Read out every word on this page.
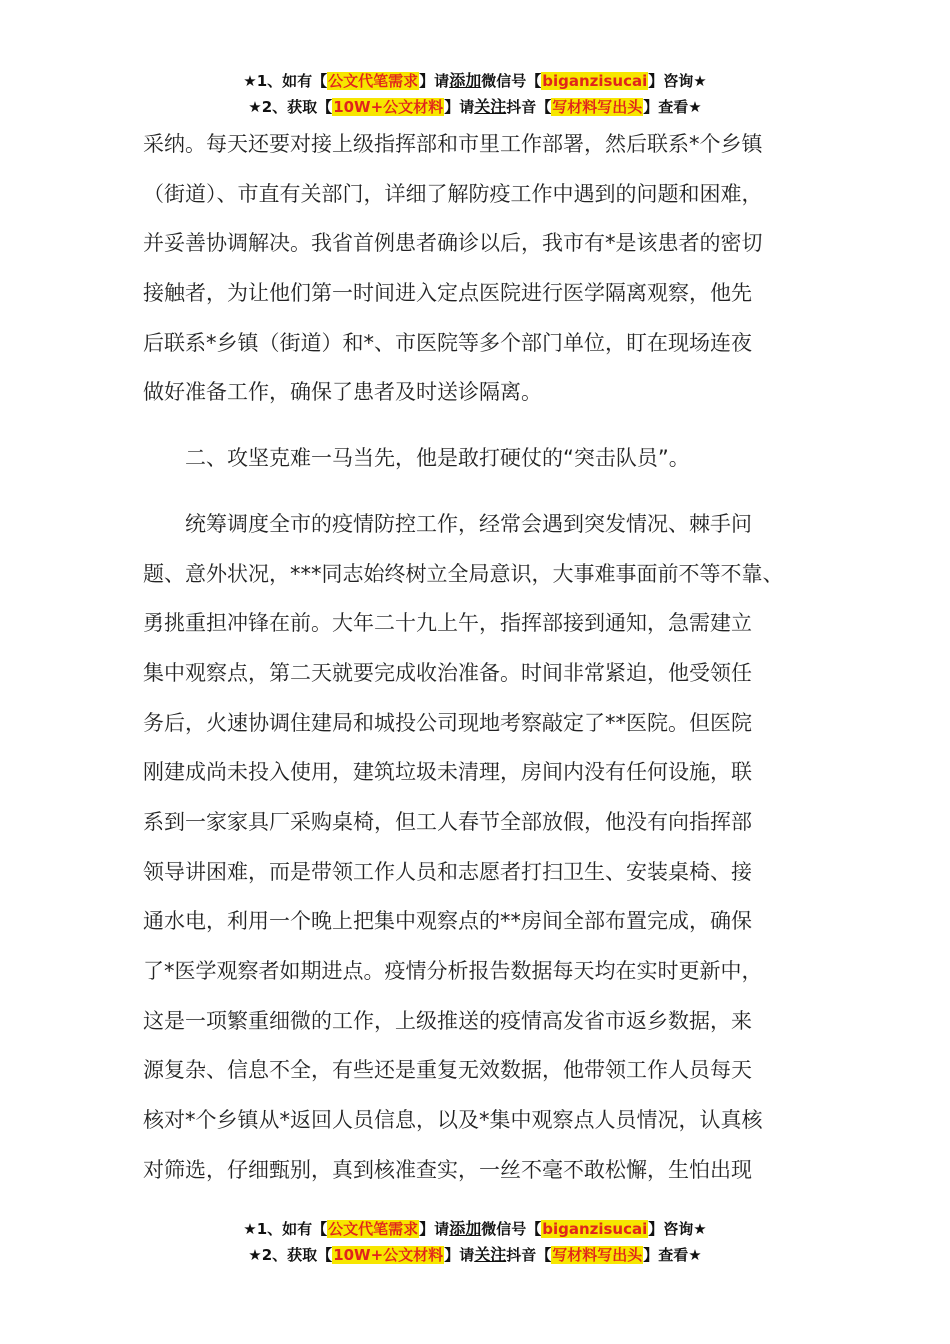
★1、如有【公文代笔需求】请添加微信号【biganzisucai】咨询★
★2、获取【10W+公文材料】请关注抖音【写材料写出头】查看★
采纳。每天还要对接上级指挥部和市里工作部署，然后联系*个乡镇
（街道）、市直有关部门，详细了解防疫工作中遇到的问题和困难，
并妥善协调解决。我省首例患者确诊以后，我市有*是该患者的密切
接触者，为让他们第一时间进入定点医院进行医学隔离观察，他先
后联系*乡镇（街道）和*、市医院等多个部门单位，盯在现场连夜
做好准备工作，确保了患者及时送诊隔离。
　　二、攻坚克难一马当先，他是敢打硬仗的“突击队员”。
　　统筹调度全市的疫情防控工作，经常会遇到突发情况、棘手问
题、意外状况，***同志始终树立全局意识，大事难事面前不等不靠、
勇挑重担冲锋在前。大年二十九上午，指挥部接到通知，急需建立
集中观察点，第二天就要完成收治准备。时间非常紧迫，他受领任
务后，火速协调住建局和城投公司现地考察敲定了**医院。但医院
刚建成尚未投入使用，建筑垃圾未清理，房间内没有任何设施，联
系到一家家具厂采购桌椅，但工人春节全部放假，他没有向指挥部
领导讲困难，而是带领工作人员和志愿者打扫卫生、安装桌椅、接
通水电，利用一个晚上把集中观察点的**房间全部布置完成，确保
了*医学观察者如期进点。疫情分析报告数据每天均在实时更新中，
这是一项繁重细微的工作，上级推送的疫情高发省市返乡数据，来
源复杂、信息不全，有些还是重复无效数据，他带领工作人员每天
核对*个乡镇从*返回人员信息，以及*集中观察点人员情况，认真核
对筛选，仔细甄别，真到核准查实，一丝不毫不敢松懈，生怕出现
★1、如有【公文代笔需求】请添加微信号【biganzisucai】咨询★
★2、获取【10W+公文材料】请关注抖音【写材料写出头】查看★
